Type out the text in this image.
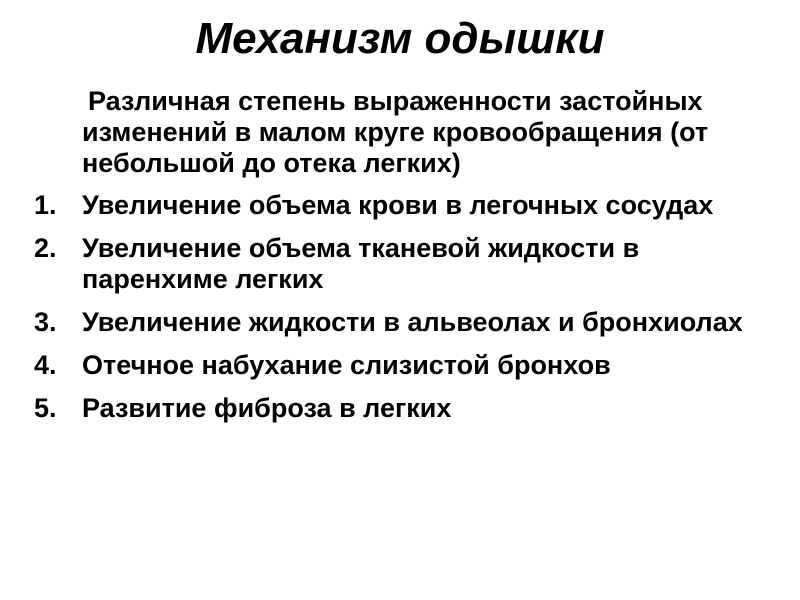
Механизм одышки

Различная степень выраженности застойных изменений в малом круге кровообращения (от небольшой до отека легких)

1. Увеличение объема крови в легочных сосудах
2. Увеличение объема тканевой жидкости в паренхиме легких
3. Увеличение жидкости в альвеолах и бронхиолах
4. Отечное набухание слизистой бронхов
5. Развитие фиброза в легких
